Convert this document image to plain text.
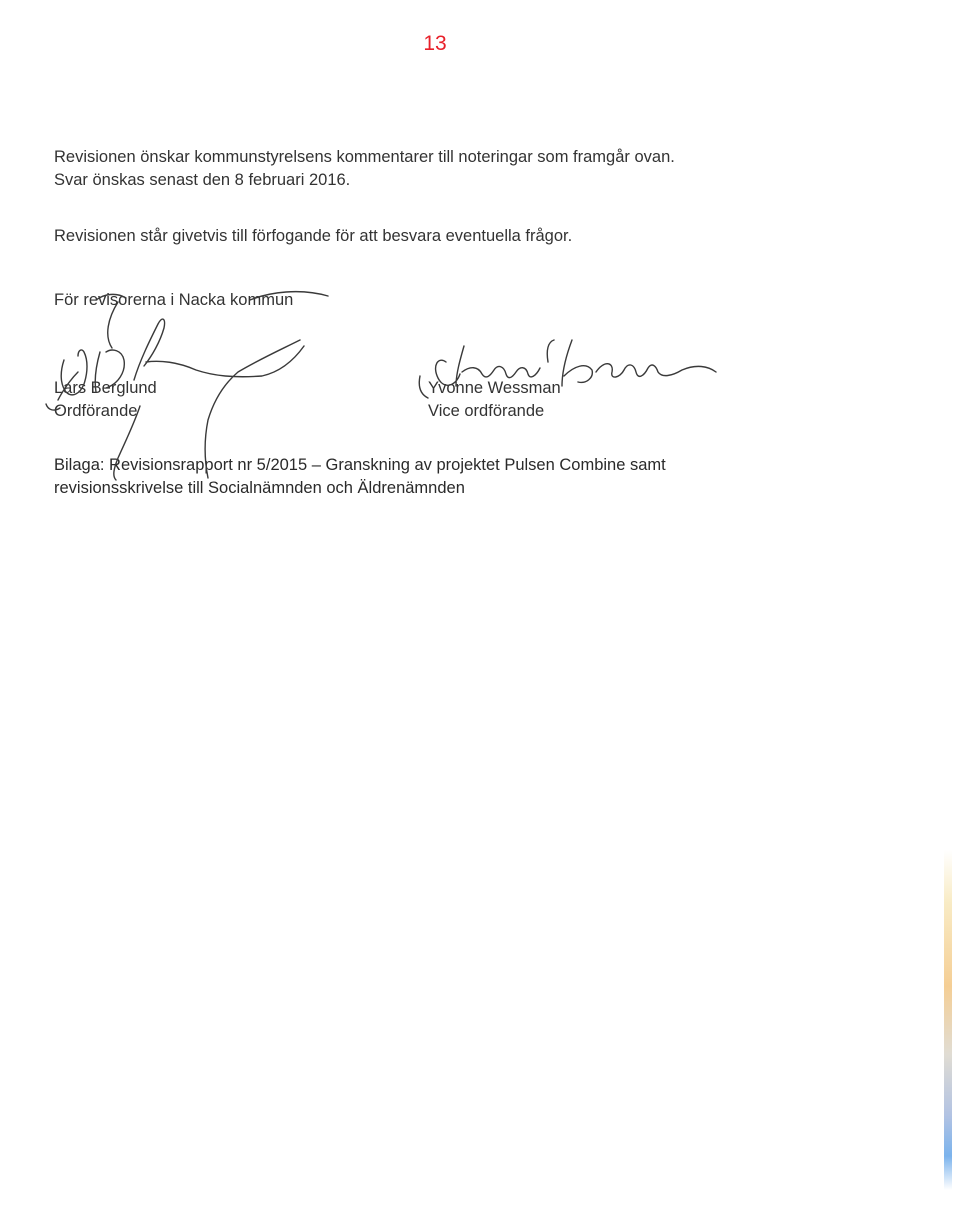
13
Revisionen önskar kommunstyrelsens kommentarer till noteringar som framgår ovan.
Svar önskas senast den 8 februari 2016.
Revisionen står givetvis till förfogande för att besvara eventuella frågor.
För revisorerna i Nacka kommun
Lars Berglund
Ordförande
Yvonne Wessman
Vice ordförande
Bilaga: Revisionsrapport nr 5/2015 – Granskning av projektet Pulsen Combine samt
revisionsskrivelse till Socialnämnden och Äldrenämnden
